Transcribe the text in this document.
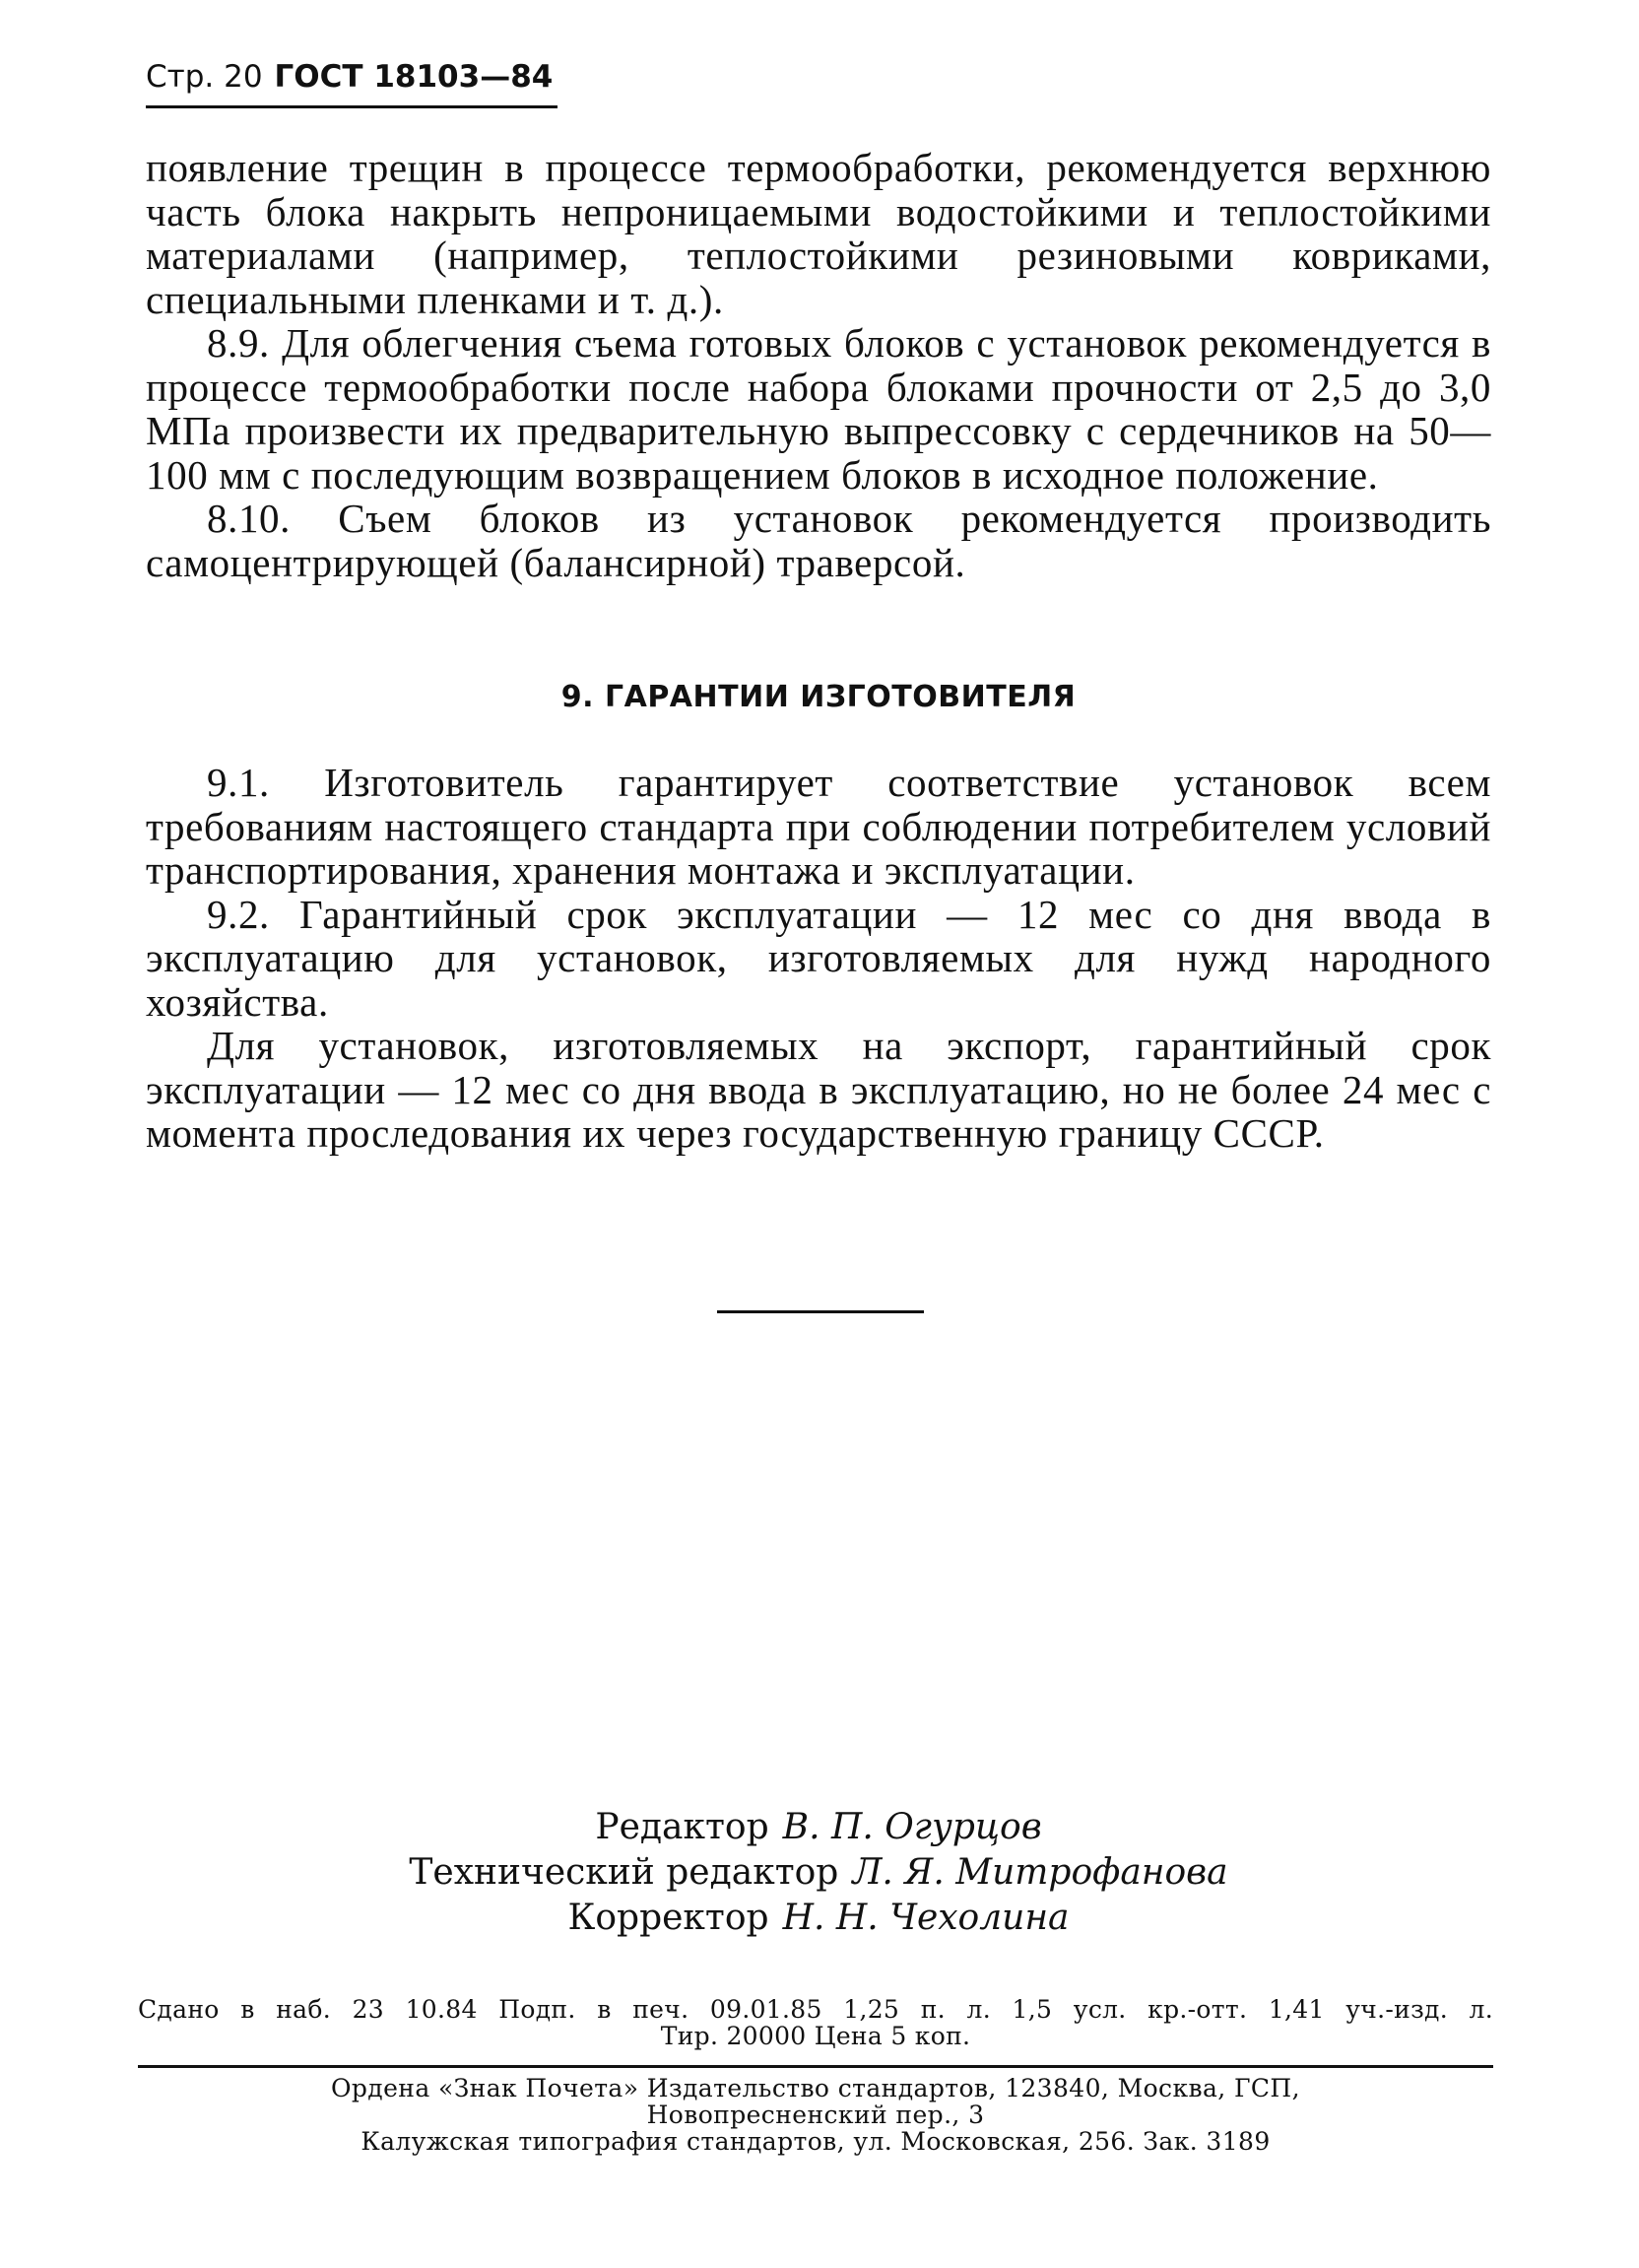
Стр. 20 ГОСТ 18103—84

появление трещин в процессе термообработки, рекомендуется верхнюю часть блока накрыть непроницаемыми водостойкими и теплостойкими материалами (например, теплостойкими резиновыми ковриками, специальными пленками и т. д.).

8.9. Для облегчения съема готовых блоков с установок рекомендуется в процессе термообработки после набора блоками прочности от 2,5 до 3,0 МПа произвести их предварительную выпрессовку с сердечников на 50—100 мм с последующим возвращением блоков в исходное положение.

8.10. Съем блоков из установок рекомендуется производить самоцентрирующей (балансирной) траверсой.

9. ГАРАНТИИ ИЗГОТОВИТЕЛЯ

9.1. Изготовитель гарантирует соответствие установок всем требованиям настоящего стандарта при соблюдении потребителем условий транспортирования, хранения монтажа и эксплуатации.

9.2. Гарантийный срок эксплуатации — 12 мес со дня ввода в эксплуатацию для установок, изготовляемых для нужд народного хозяйства.

Для установок, изготовляемых на экспорт, гарантийный срок эксплуатации — 12 мес со дня ввода в эксплуатацию, но не более 24 мес с момента проследования их через государственную границу СССР.

Редактор В. П. Огурцов
Технический редактор Л. Я. Митрофанова
Корректор Н. Н. Чехолина
Сдано в наб. 23 10.84 Подп. в печ. 09.01.85 1,25 п. л. 1,5 усл. кр.-отт. 1,41 уч.-изд. л.
Тир. 20000 Цена 5 коп.
Ордена «Знак Почета» Издательство стандартов, 123840, Москва, ГСП,
Новопресненский пер., 3
Калужская типография стандартов, ул. Московская, 256. Зак. 3189
